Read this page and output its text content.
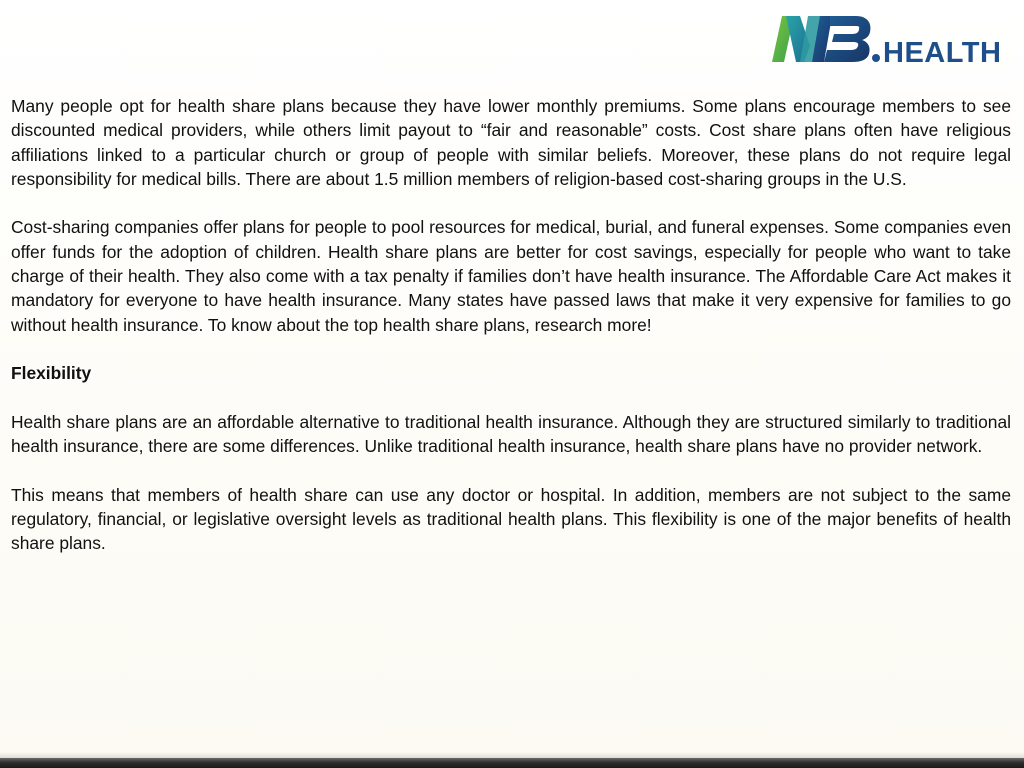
HEALTH

Many people opt for health share plans because they have lower monthly premiums. Some plans encourage members to see discounted medical providers, while others limit payout to “fair and reasonable” costs. Cost share plans often have religious affiliations linked to a particular church or group of people with similar beliefs. Moreover, these plans do not require legal responsibility for medical bills. There are about 1.5 million members of religion-based cost-sharing groups in the U.S.

Cost-sharing companies offer plans for people to pool resources for medical, burial, and funeral expenses. Some companies even offer funds for the adoption of children. Health share plans are better for cost savings, especially for people who want to take charge of their health. They also come with a tax penalty if families don’t have health insurance. The Affordable Care Act makes it mandatory for everyone to have health insurance. Many states have passed laws that make it very expensive for families to go without health insurance. To know about the top health share plans, research more!

Flexibility

Health share plans are an affordable alternative to traditional health insurance. Although they are structured similarly to traditional health insurance, there are some differences. Unlike traditional health insurance, health share plans have no provider network.

This means that members of health share can use any doctor or hospital. In addition, members are not subject to the same regulatory, financial, or legislative oversight levels as traditional health plans. This flexibility is one of the major benefits of health share plans.
